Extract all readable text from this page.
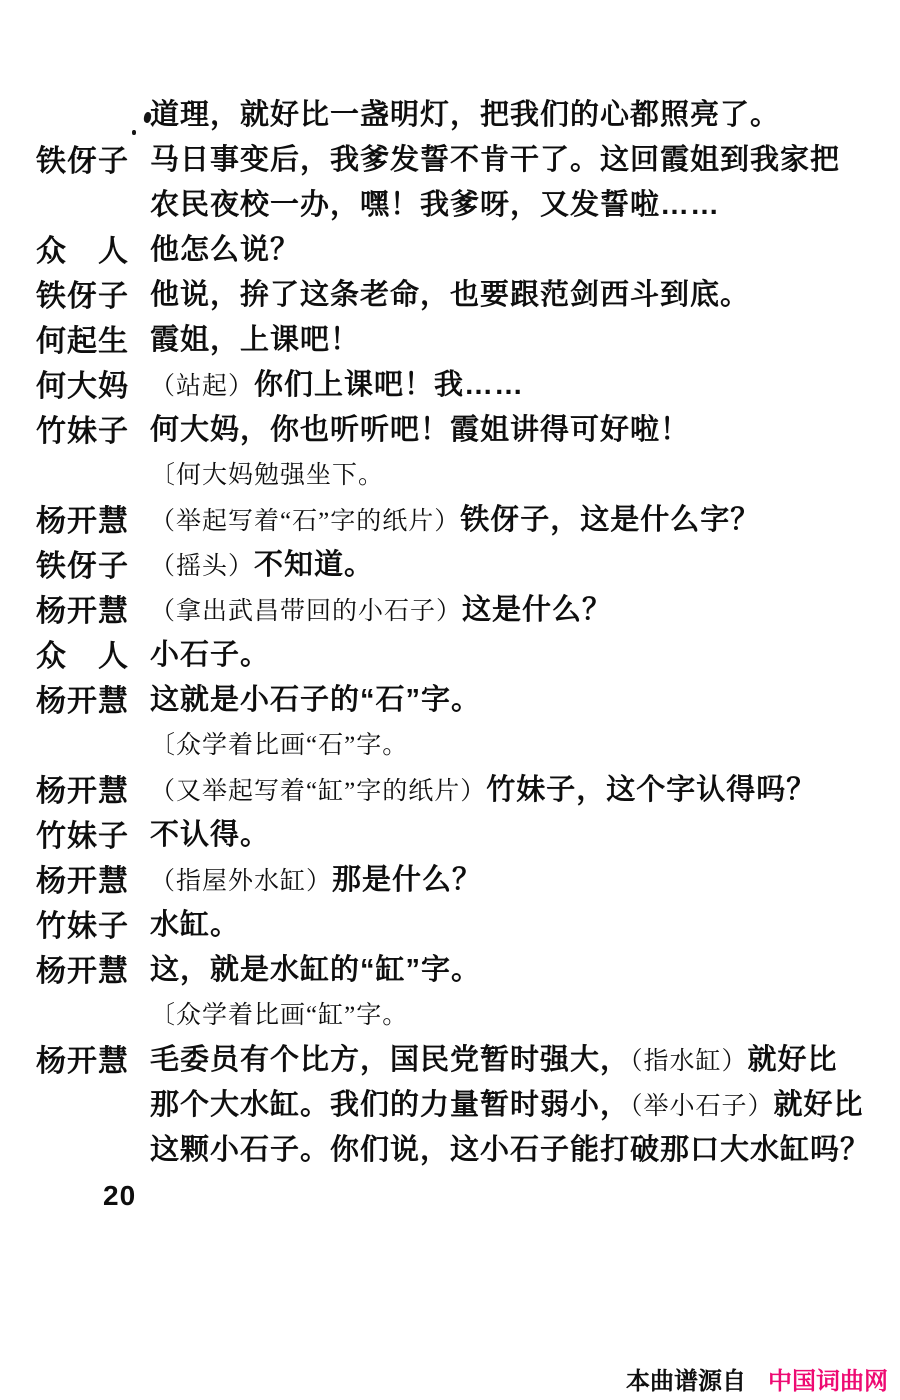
道理，就好比一盏明灯，把我们的心都照亮了。
铁伢子 马日事变后，我爹发誓不肯干了。这回霞姐到我家把
农民夜校一办，嘿！我爹呀，又发誓啦……
众　人 他怎么说？
铁伢子 他说，拚了这条老命，也要跟范剑西斗到底。
何起生 霞姐，上课吧！
何大妈 （站起）你们上课吧！我……
竹妹子 何大妈，你也听听吧！霞姐讲得可好啦！
〔何大妈勉强坐下。
杨开慧 （举起写着“石”字的纸片）铁伢子，这是什么字？
铁伢子 （摇头）不知道。
杨开慧 （拿出武昌带回的小石子）这是什么？
众　人 小石子。
杨开慧 这就是小石子的“石”字。
〔众学着比画“石”字。
杨开慧 （又举起写着“缸”字的纸片）竹妹子，这个字认得吗？
竹妹子 不认得。
杨开慧 （指屋外水缸）那是什么？
竹妹子 水缸。
杨开慧 这，就是水缸的“缸”字。
〔众学着比画“缸”字。
杨开慧 毛委员有个比方，国民党暂时强大，（指水缸）就好比
那个大水缸。我们的力量暂时弱小，（举小石子）就好比
这颗小石子。你们说，这小石子能打破那口大水缸吗？
20
本曲谱源自 中国词曲网
